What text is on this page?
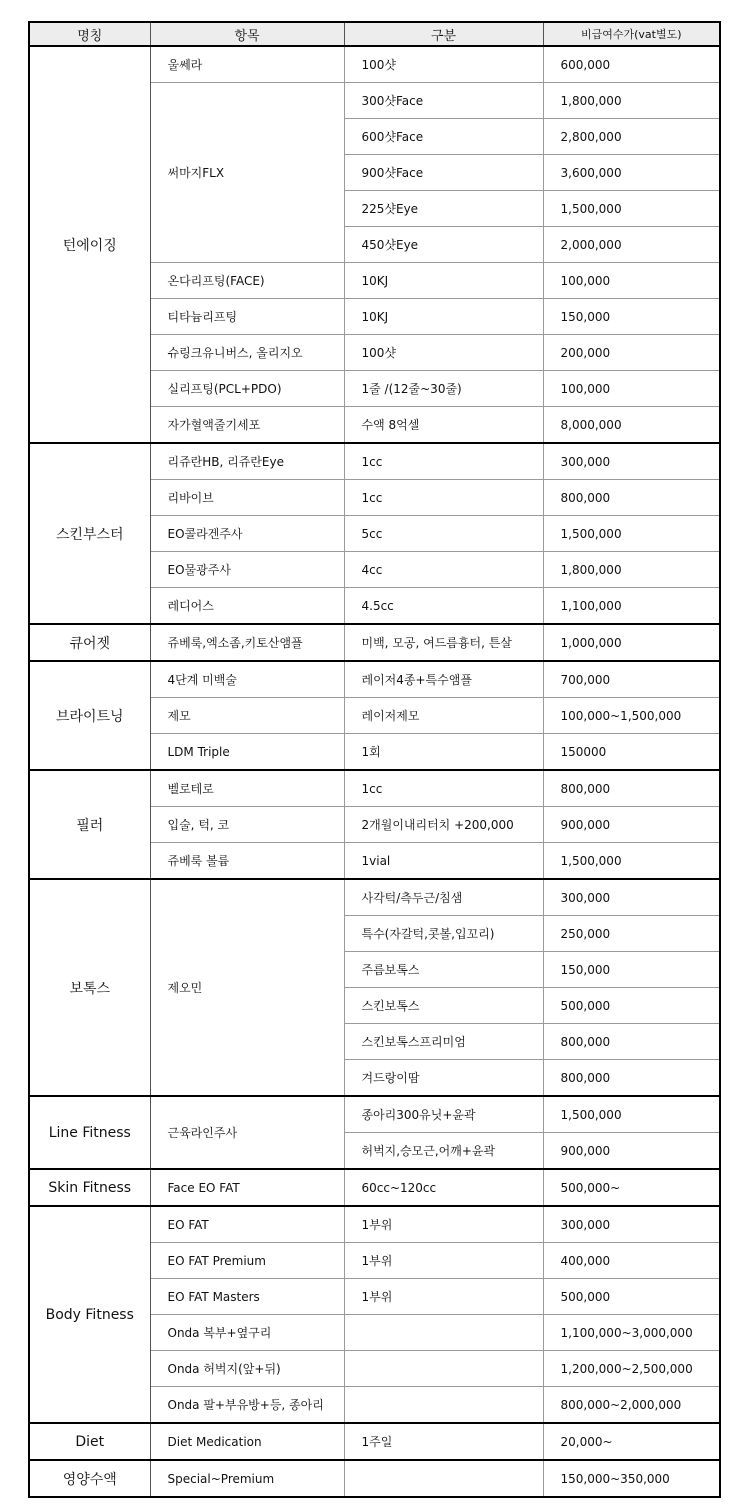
명칭	항목	구분	비급여수가(vat별도)
턴에이징	울쎄라	100샷	600,000
	써마지FLX	300샷Face	1,800,000
		600샷Face	2,800,000
		900샷Face	3,600,000
		225샷Eye	1,500,000
		450샷Eye	2,000,000
	온다리프팅(FACE)	10KJ	100,000
	티타늄리프팅	10KJ	150,000
	슈링크유니버스, 올리지오	100샷	200,000
	실리프팅(PCL+PDO)	1줄 /(12줄~30줄)	100,000
	자가혈액줄기세포	수액 8억셀	8,000,000
스킨부스터	리쥬란HB, 리쥬란Eye	1cc	300,000
	리바이브	1cc	800,000
	EO콜라겐주사	5cc	1,500,000
	EO물광주사	4cc	1,800,000
	레디어스	4.5cc	1,100,000
큐어젯	쥬베룩,엑소좀,키토산앰플	미백, 모공, 여드름흉터, 튼살	1,000,000
브라이트닝	4단계 미백술	레이저4종+특수앰플	700,000
	제모	레이저제모	100,000~1,500,000
	LDM Triple	1회	150000
필러	벨로테로	1cc	800,000
	입술, 턱, 코	2개월이내리터치 +200,000	900,000
	쥬베룩 볼륨	1vial	1,500,000
보톡스	제오민	사각턱/측두근/침샘	300,000
		특수(자갈턱,콧볼,입꼬리)	250,000
		주름보톡스	150,000
		스킨보톡스	500,000
		스킨보톡스프리미엄	800,000
		겨드랑이땀	800,000
Line Fitness	근육라인주사	종아리300유닛+윤곽	1,500,000
		허벅지,승모근,어깨+윤곽	900,000
Skin Fitness	Face EO FAT	60cc~120cc	500,000~
Body Fitness	EO FAT	1부위	300,000
	EO FAT Premium	1부위	400,000
	EO FAT Masters	1부위	500,000
	Onda 복부+옆구리		1,100,000~3,000,000
	Onda 허벅지(앞+뒤)		1,200,000~2,500,000
	Onda 팔+부유방+등, 종아리		800,000~2,000,000
Diet	Diet Medication	1주일	20,000~
영양수액	Special~Premium		150,000~350,000
